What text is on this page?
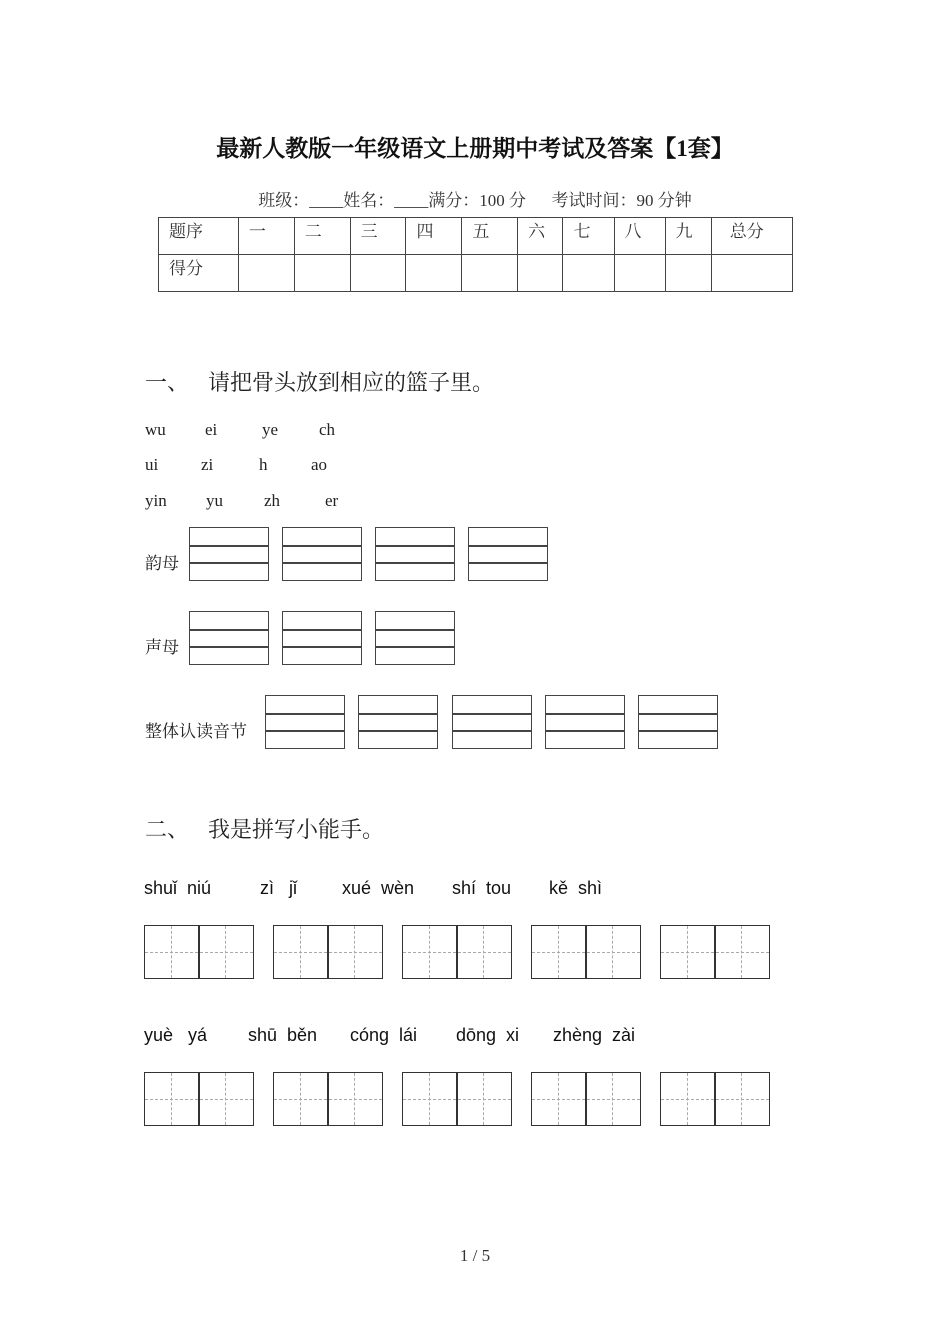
最新人教版一年级语文上册期中考试及答案【1套】
班级：____姓名：____满分：100 分      考试时间：90 分钟
题序	一	二	三	四	五	六	七	八	九	总分
得分										
一、 请把骨头放到相应的篮子里。
wu ei	ye ch
ui	zi	h	ao
yin yu zh	er
韵母
声母
整体认读音节
二、 我是拼写小能手。
shuǐ  niú	zì   jǐ xué  wèn shí  tou kě  shì
yuè   yá shū  běn cóng  lái dōng  xi zhèng  zài
1 / 5
